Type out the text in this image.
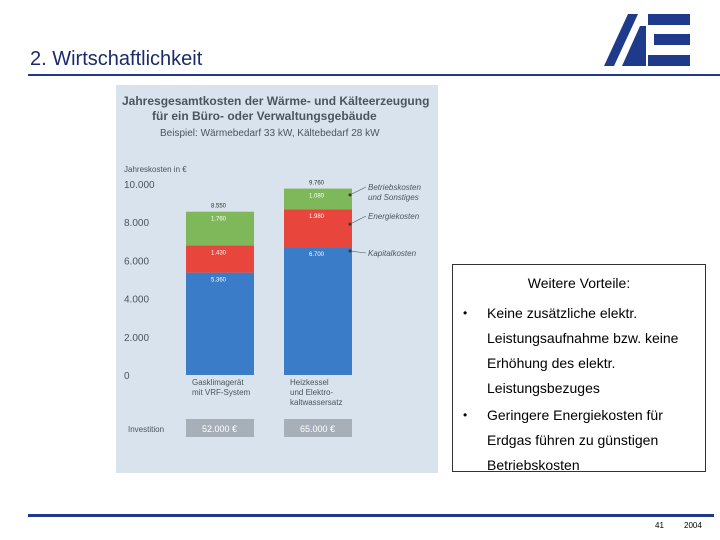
2. Wirtschaftlichkeit
Jahresgesamtkosten der Wärme- und Kälteerzeugung
für ein Büro- oder Verwaltungsgebäude
Beispiel: Wärmebedarf 33 kW, Kältebedarf 28 kW
Jahreskosten in €
0
2.000
4.000
6.000
8.000
10.000
5.360
1.430
1.760
8.550
Gasklimagerät
mit VRF-System
52.000 €
6.700
1.980
1.080
9.760
Heizkessel
und Elektro-
kaltwassersatz
65.000 €
Investition
Betriebskosten
und Sonstiges
Energiekosten
Kapitalkosten
Weitere Vorteile:
• Keine zusätzliche elektr. Leistungsaufnahme bzw. keine Erhöhung des elektr. Leistungsbezuges
• Geringere Energiekosten für Erdgas führen zu günstigen Betriebskosten
41	2004
